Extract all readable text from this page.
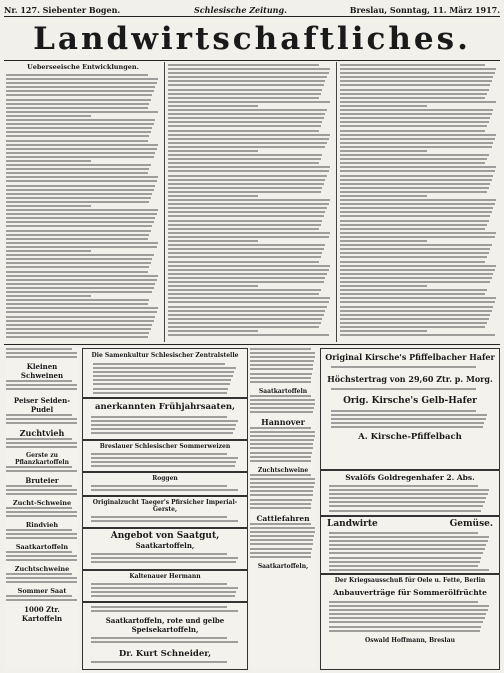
Nr. 127. Siebenter Bogen.	Schlesische Zeitung.	Breslau, Sonntag, 11. März 1917.
Landwirtschaftliches.
Ueberseeische Entwicklungen.
Kleinen Schweinen
Peiser Seiden-Pudel
Zuchtvieh
Gerste zu Pflanzkartoffeln
Bruteier
Zucht-Schweine
Rindvieh
Saatkartoffeln
Zuchtschweine
Sommer Saat
1000 Ztr. Kartoffeln
Die Samenkultur Schlesischer Zentralstelle
anerkannten Frühjahrsaaten,
Breslauer Schlesischer Sommerweizen
Roggen
Originalzucht Taeger's Pfirsicher Imperial-Gerste,
Angebot von Saatgut,
Saatkartoffeln,
Kaltenauer Hermann
Saatkartoffeln, rote und gelbe Speisekartoffeln,
Dr. Kurt Schneider,
Saatkartoffeln
Hannover
Zuchtschweine
Cattlefahren
Saatkartoffeln,
Original Kirsche's Pfiffelbacher Hafer
Höchstertrag von 29,60 Ztr. p. Morg.
Orig. Kirsche's Gelb-Hafer
A. Kirsche-Pfiffelbach
Svalöfs Goldregenhafer 2. Abs.
Landwirte	Gemüse.
Der Kriegsausschuß für Oele u. Fette, Berlin
Anbauverträge für Sommerölfrüchte
Oswald Hoffmann, Breslau
